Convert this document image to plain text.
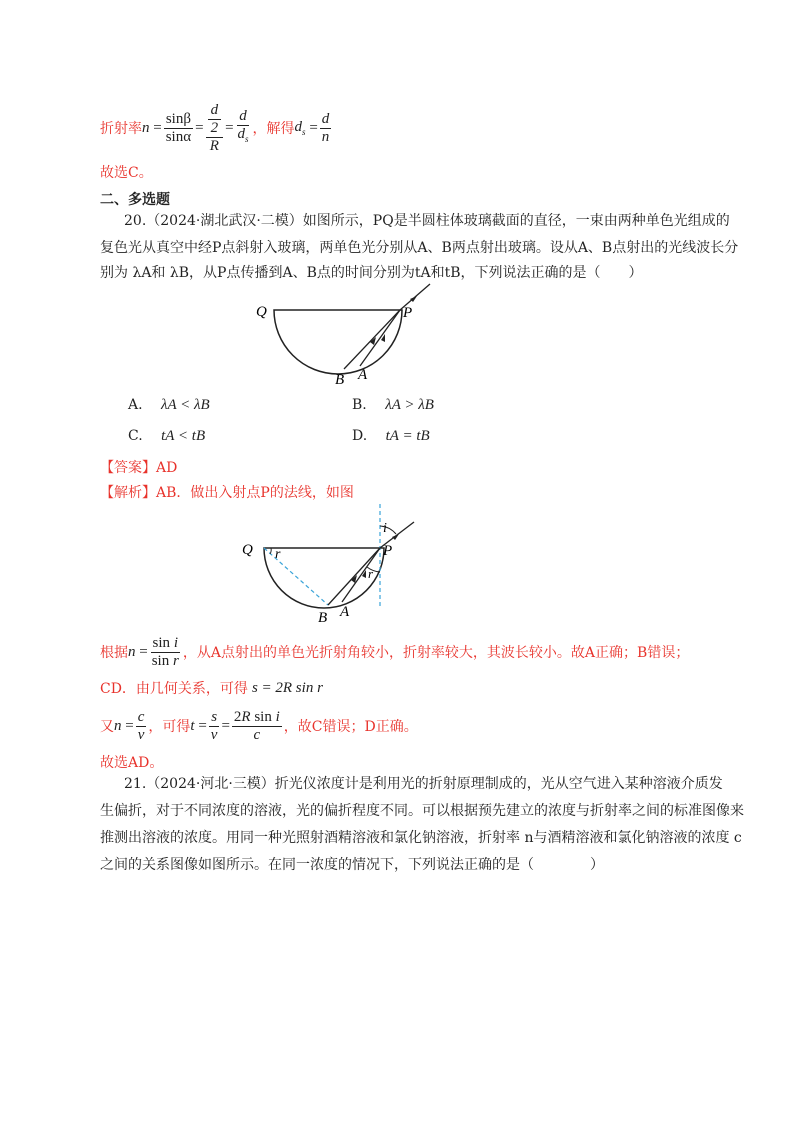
折射率 $n = \frac{\sin\beta}{\sin\alpha} = d$
2
$R = \frac{d}{d_s}$ ，解得 $d_s = \frac{d}{n}$
故选C。
二、多选题
20.（2024·湖北武汉·二模）如图所示，PQ是半圆柱体玻璃截面的直径，一束由两种单色光组成的
复色光从真空中经P点斜射入玻璃，两单色光分别从A、B两点射出玻璃。设从A、B点射出的光线波长分
别为 λA和 λB，从P点传播到A、B点的时间分别为tA和tB，下列说法正确的是（　　）
Q	P
A
B
A. λA < λB	B. λA > λB
C. tA < tB	D. tA = tB
【答案】AD
【解析】AB．做出入射点P的法线，如图
Q r
i
P
r
A
B
根据 $n = \frac{\text{sin i}}{\text{sin r}}$ ，从A点射出的单色光折射角较小，折射率较大，其波长较小。故A正确；B错误；
CD．由几何关系，可得 s = 2R sin r
又 $n = \frac{c}{v}$ ，可得 $t = \frac{s}{v} = \frac{\text{2R sin i}}{c}$ ，故C错误；D正确。
故选AD。
21.（2024·河北·三模）折光仪浓度计是利用光的折射原理制成的，光从空气进入某种溶液介质发
生偏折，对于不同浓度的溶液，光的偏折程度不同。可以根据预先建立的浓度与折射率之间的标准图像来
推测出溶液的浓度。用同一种光照射酒精溶液和氯化钠溶液，折射率 n与酒精溶液和氯化钠溶液的浓度 c
之间的关系图像如图所示。在同一浓度的情况下，下列说法正确的是（　　　　）
